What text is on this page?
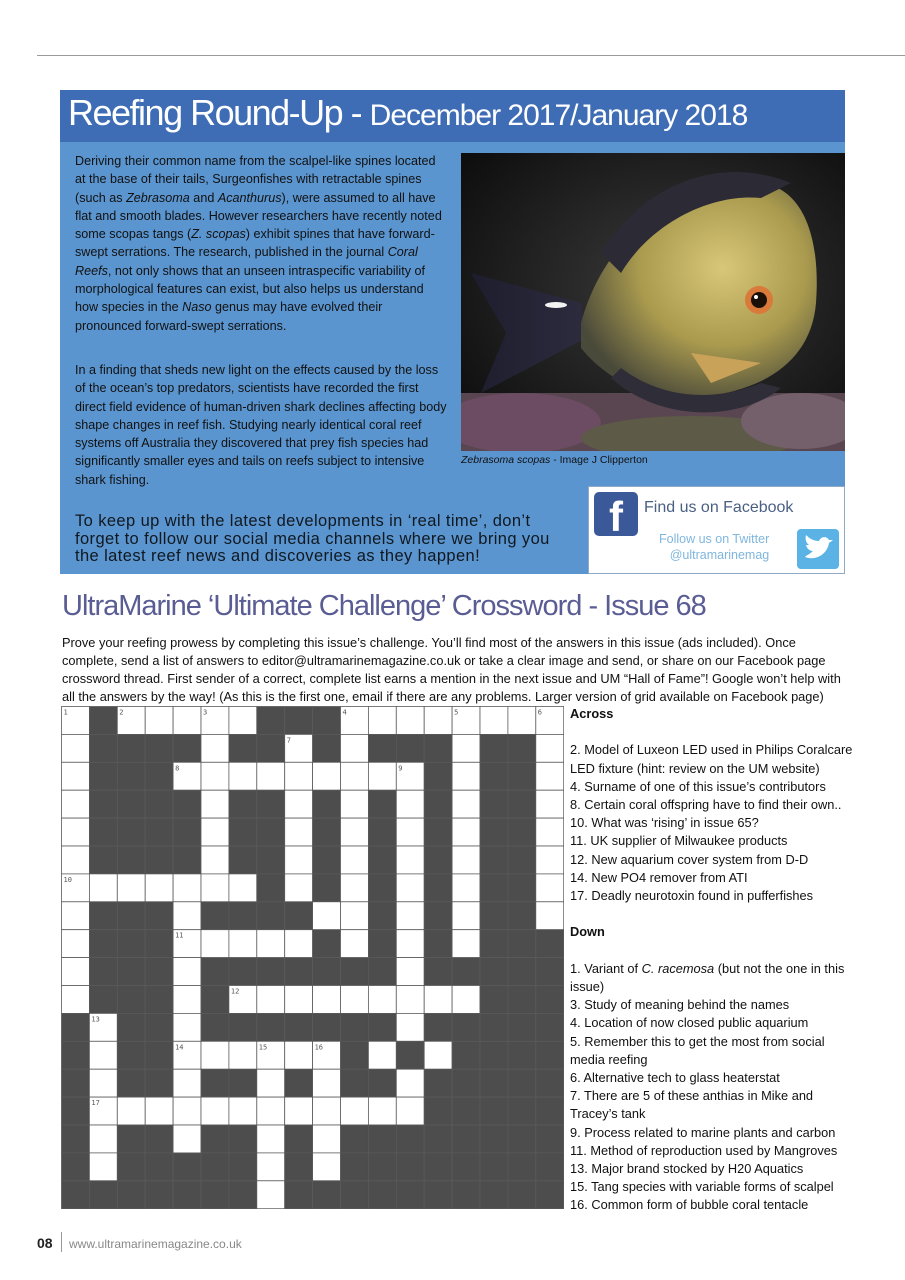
Reefing Round-Up - December 2017/January 2018

Deriving their common name from the scalpel-like spines located at the base of their tails, Surgeonfishes with retractable spines (such as Zebrasoma and Acanthurus), were assumed to all have flat and smooth blades. However researchers have recently noted some scopas tangs (Z. scopas) exhibit spines that have forward-swept serrations. The research, published in the journal Coral Reefs, not only shows that an unseen intraspecific variability of morphological features can exist, but also helps us understand how species in the Naso genus may have evolved their pronounced forward-swept serrations.

In a finding that sheds new light on the effects caused by the loss of the ocean’s top predators, scientists have recorded the first direct field evidence of human-driven shark declines affecting body shape changes in reef fish. Studying nearly identical coral reef systems off Australia they discovered that prey fish species had significantly smaller eyes and tails on reefs subject to intensive shark fishing.

Zebrasoma scopas - Image J Clipperton

To keep up with the latest developments in ‘real time’, don’t forget to follow our social media channels where we bring you the latest reef news and discoveries as they happen!

f	Find us on Facebook
Follow us on Twitter
@ultramarinemag
UltraMarine ‘Ultimate Challenge’ Crossword - Issue 68

Prove your reefing prowess by completing this issue’s challenge. You’ll find most of the answers in this issue (ads included). Once complete, send a list of answers to editor@ultramarinemagazine.co.uk or take a clear image and send, or share on our Facebook page crossword thread. First sender of a correct, complete list earns a mention in the next issue and UM “Hall of Fame”! Google won’t help with all the answers by the way! (As this is the first one, email if there are any problems. Larger version of grid available on Facebook page)

1	2	3	4	5	6
7
8	9
10
11
12
13
14	15	16
17
Across
2. Model of Luxeon LED used in Philips Coralcare LED fixture (hint: review on the UM website)
4. Surname of one of this issue’s contributors
8. Certain coral offspring have to find their own..
10. What was ‘rising’ in issue 65?
11. UK supplier of Milwaukee products
12. New aquarium cover system from D-D
14. New PO4 remover from ATI
17. Deadly neurotoxin found in pufferfishes
Down
1. Variant of C. racemosa (but not the one in this issue)
3. Study of meaning behind the names
4. Location of now closed public aquarium
5. Remember this to get the most from social media reefing
6. Alternative tech to glass heaterstat
7. There are 5 of these anthias in Mike and Tracey’s tank
9. Process related to marine plants and carbon
11. Method of reproduction used by Mangroves
13. Major brand stocked by H20 Aquatics
15. Tang species with variable forms of scalpel
16. Common form of bubble coral tentacle
08 www.ultramarinemagazine.co.uk
